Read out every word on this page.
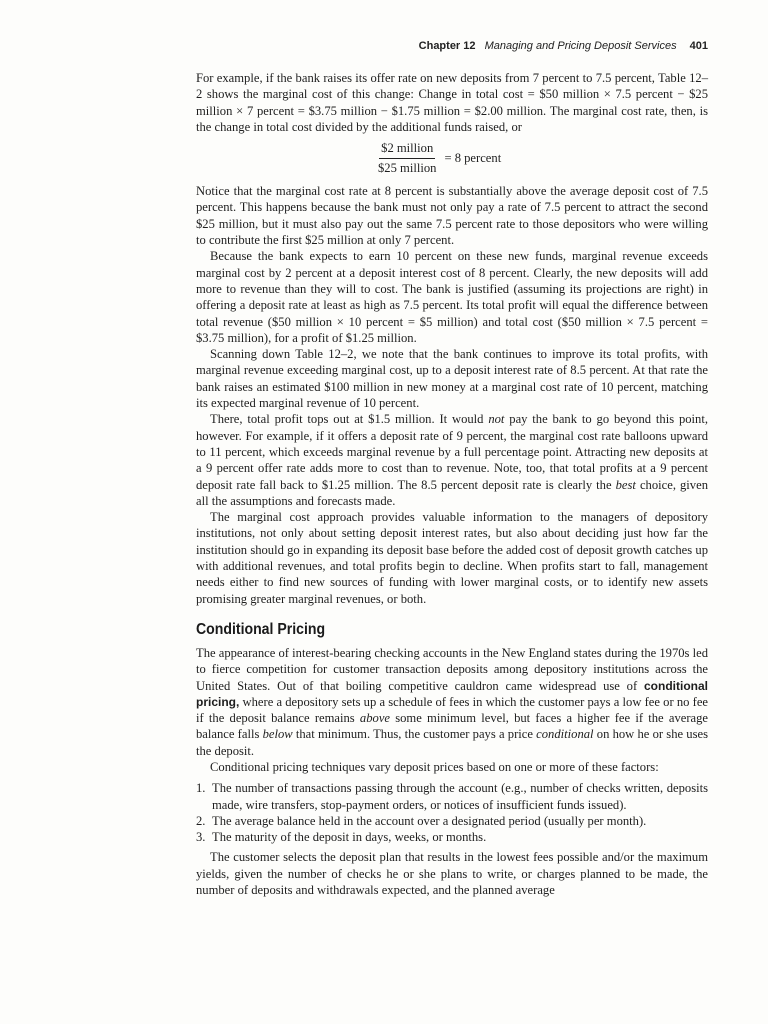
Chapter 12 Managing and Pricing Deposit Services 401

For example, if the bank raises its offer rate on new deposits from 7 percent to 7.5 percent, Table 12–2 shows the marginal cost of this change: Change in total cost = $50 million × 7.5 percent − $25 million × 7 percent = $3.75 million − $1.75 million = $2.00 million. The marginal cost rate, then, is the change in total cost divided by the additional funds raised, or

$\frac{\text{\$2 million}}{\text{\$25 million}} = 8$ percent

Notice that the marginal cost rate at 8 percent is substantially above the average deposit cost of 7.5 percent. This happens because the bank must not only pay a rate of 7.5 percent to attract the second $25 million, but it must also pay out the same 7.5 percent rate to those depositors who were willing to contribute the first $25 million at only 7 percent.

Because the bank expects to earn 10 percent on these new funds, marginal revenue exceeds marginal cost by 2 percent at a deposit interest cost of 8 percent. Clearly, the new deposits will add more to revenue than they will to cost. The bank is justified (assuming its projections are right) in offering a deposit rate at least as high as 7.5 percent. Its total profit will equal the difference between total revenue ($50 million × 10 percent = $5 million) and total cost ($50 million × 7.5 percent = $3.75 million), for a profit of $1.25 million.

Scanning down Table 12–2, we note that the bank continues to improve its total profits, with marginal revenue exceeding marginal cost, up to a deposit interest rate of 8.5 percent. At that rate the bank raises an estimated $100 million in new money at a marginal cost rate of 10 percent, matching its expected marginal revenue of 10 percent.

There, total profit tops out at $1.5 million. It would not pay the bank to go beyond this point, however. For example, if it offers a deposit rate of 9 percent, the marginal cost rate balloons upward to 11 percent, which exceeds marginal revenue by a full percentage point. Attracting new deposits at a 9 percent offer rate adds more to cost than to revenue. Note, too, that total profits at a 9 percent deposit rate fall back to $1.25 million. The 8.5 percent deposit rate is clearly the best choice, given all the assumptions and forecasts made.

The marginal cost approach provides valuable information to the managers of depository institutions, not only about setting deposit interest rates, but also about deciding just how far the institution should go in expanding its deposit base before the added cost of deposit growth catches up with additional revenues, and total profits begin to decline. When profits start to fall, management needs either to find new sources of funding with lower marginal costs, or to identify new assets promising greater marginal revenues, or both.

Conditional Pricing

The appearance of interest-bearing checking accounts in the New England states during the 1970s led to fierce competition for customer transaction deposits among depository institutions across the United States. Out of that boiling competitive cauldron came widespread use of conditional pricing, where a depository sets up a schedule of fees in which the customer pays a low fee or no fee if the deposit balance remains above some minimum level, but faces a higher fee if the average balance falls below that minimum. Thus, the customer pays a price conditional on how he or she uses the deposit.

Conditional pricing techniques vary deposit prices based on one or more of these factors:

1. The number of transactions passing through the account (e.g., number of checks written, deposits made, wire transfers, stop-payment orders, or notices of insufficient funds issued).
2. The average balance held in the account over a designated period (usually per month).
3. The maturity of the deposit in days, weeks, or months.

The customer selects the deposit plan that results in the lowest fees possible and/or the maximum yields, given the number of checks he or she plans to write, or charges planned to be made, the number of deposits and withdrawals expected, and the planned average
